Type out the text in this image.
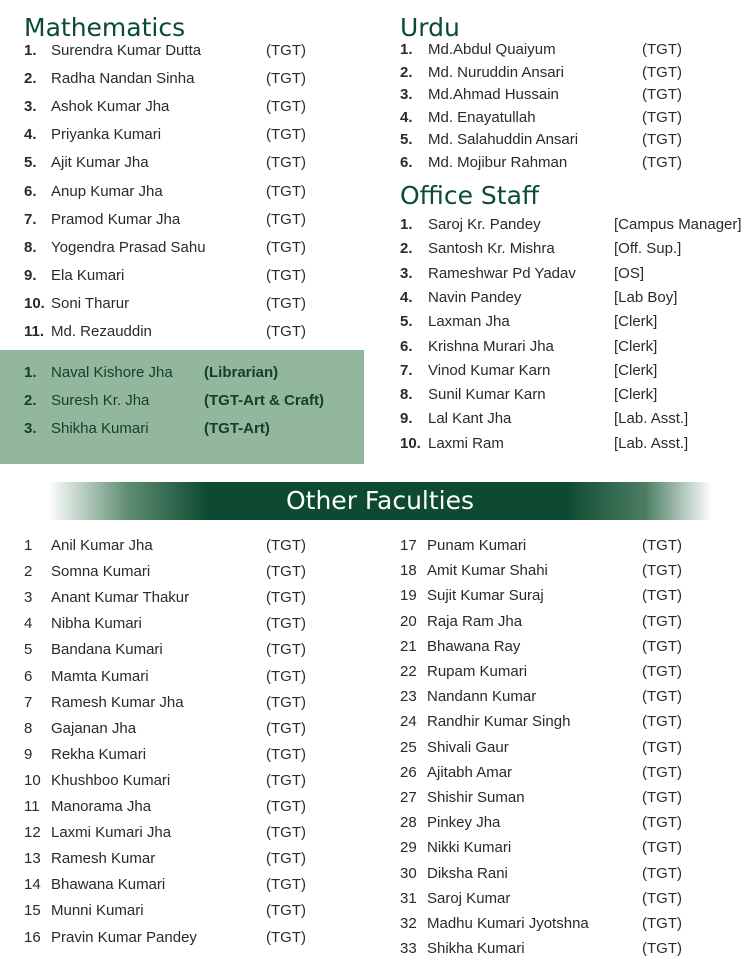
Mathematics	Urdu
Office Staff
1. Surendra Kumar Dutta	(TGT)
2. Radha Nandan Sinha	(TGT)
3. Ashok Kumar Jha	(TGT)
4. Priyanka Kumari	(TGT)
5. Ajit Kumar Jha	(TGT)
6. Anup Kumar Jha	(TGT)
7. Pramod Kumar Jha	(TGT)
8. Yogendra Prasad Sahu	(TGT)
9. Ela Kumari	(TGT)
10. Soni Tharur	(TGT)
11. Md. Rezauddin	(TGT)
1. Naval Kishore Jha (Librarian)
2. Suresh Kr. Jha	(TGT-Art & Craft)
3. Shikha Kumari	(TGT-Art)
1. Md.Abdul Quaiyum	(TGT)
2. Md. Nuruddin Ansari	(TGT)
3. Md.Ahmad Hussain	(TGT)
4. Md. Enayatullah	(TGT)
5. Md. Salahuddin Ansari	(TGT)
6. Md. Mojibur Rahman	(TGT)
1. Saroj Kr. Pandey	[Campus Manager]
2. Santosh Kr. Mishra	[Off. Sup.]
3. Rameshwar Pd Yadav	[OS]
4. Navin Pandey	[Lab Boy]
5. Laxman Jha	[Clerk]
6. Krishna Murari Jha	[Clerk]
7. Vinod Kumar Karn	[Clerk]
8. Sunil Kumar Karn	[Clerk]
9. Lal Kant Jha	[Lab. Asst.]
10. Laxmi Ram	[Lab. Asst.]
Other Faculties
1 Anil Kumar Jha	(TGT)
2 Somna Kumari	(TGT)
3 Anant Kumar Thakur	(TGT)
4 Nibha Kumari	(TGT)
5 Bandana Kumari	(TGT)
6 Mamta Kumari	(TGT)
7 Ramesh Kumar Jha	(TGT)
8 Gajanan Jha	(TGT)
9 Rekha Kumari	(TGT)
10 Khushboo Kumari	(TGT)
11 Manorama Jha	(TGT)
12 Laxmi Kumari Jha	(TGT)
13 Ramesh Kumar	(TGT)
14 Bhawana Kumari	(TGT)
15 Munni Kumari	(TGT)
16 Pravin Kumar Pandey	(TGT)
17 Punam Kumari	(TGT)
18 Amit Kumar Shahi	(TGT)
19 Sujit Kumar Suraj	(TGT)
20 Raja Ram Jha	(TGT)
21 Bhawana Ray	(TGT)
22 Rupam Kumari	(TGT)
23 Nandann Kumar	(TGT)
24 Randhir Kumar Singh	(TGT)
25 Shivali Gaur	(TGT)
26 Ajitabh Amar	(TGT)
27 Shishir Suman	(TGT)
28 Pinkey Jha	(TGT)
29 Nikki Kumari	(TGT)
30 Diksha Rani	(TGT)
31 Saroj Kumar	(TGT)
32 Madhu Kumari Jyotshna	(TGT)
33 Shikha Kumari	(TGT)
